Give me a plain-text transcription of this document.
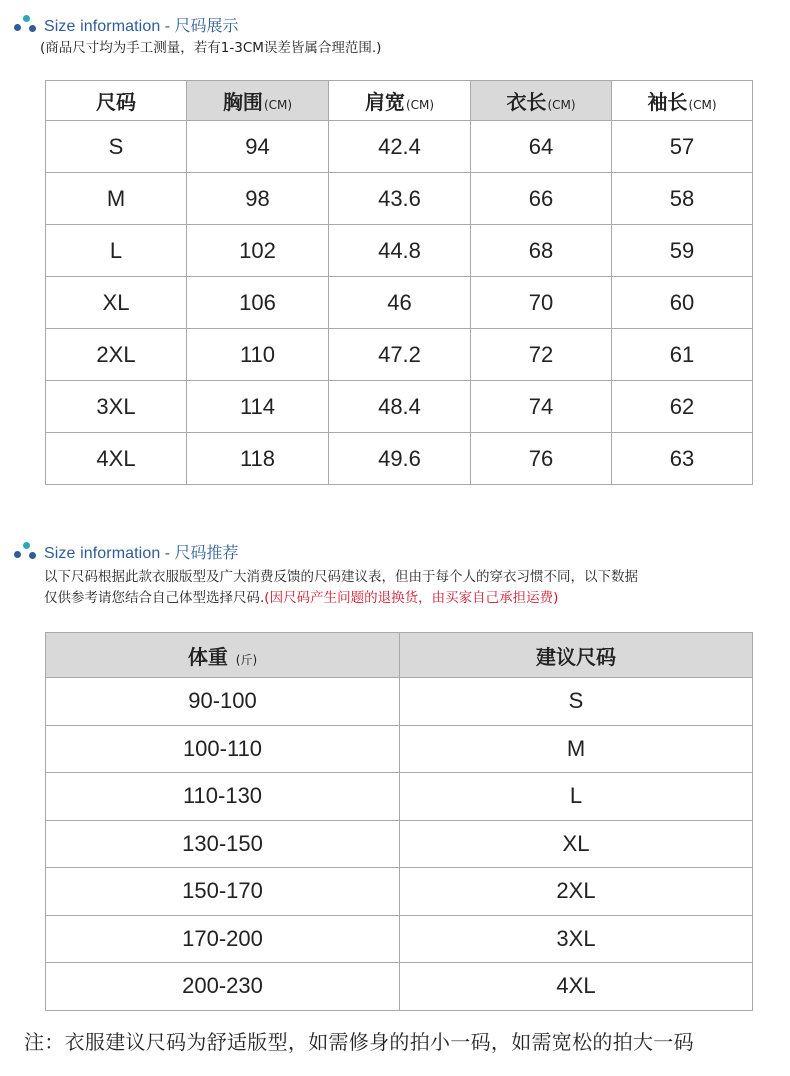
Size information - 尺码展示
(商品尺寸均为手工测量，若有1-3CM误差皆属合理范围.)
尺码	胸围(CM)	肩宽(CM)	衣长(CM)	袖长(CM)
S	94	42.4	64	57
M	98	43.6	66	58
L	102	44.8	68	59
XL	106	46	70	60
2XL	110	47.2	72	61
3XL	114	48.4	74	62
4XL	118	49.6	76	63
Size information - 尺码推荐
以下尺码根据此款衣服版型及广大消费反馈的尺码建议表，但由于每个人的穿衣习惯不同，以下数据
仅供参考请您结合自己体型选择尺码.(因尺码产生问题的退换货，由买家自己承担运费)
体重 (斤)	建议尺码
90-100	S
100-110	M
110-130	L
130-150	XL
150-170	2XL
170-200	3XL
200-230	4XL
注：衣服建议尺码为舒适版型，如需修身的拍小一码，如需宽松的拍大一码
